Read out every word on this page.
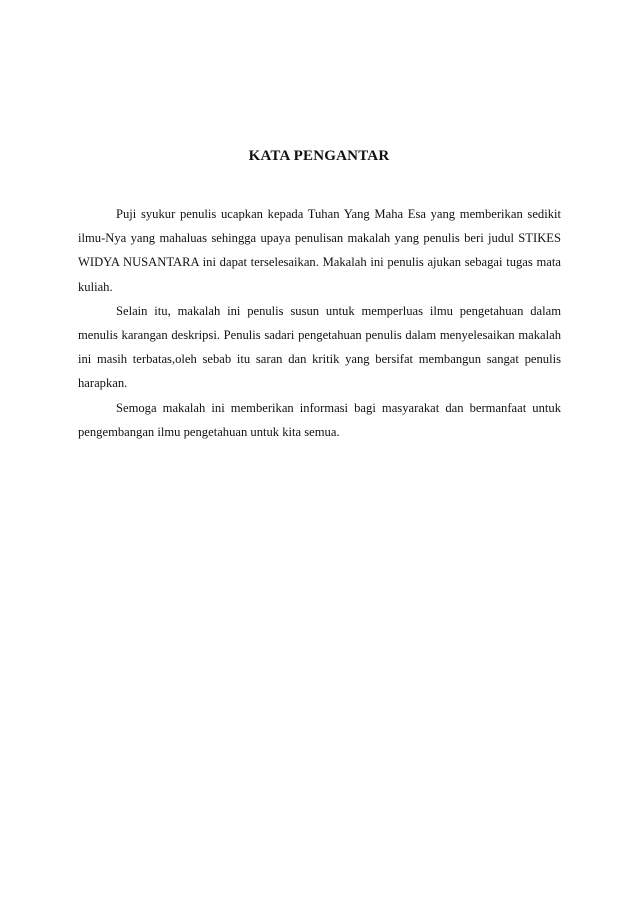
KATA PENGANTAR

Puji syukur penulis ucapkan kepada Tuhan Yang Maha Esa yang memberikan sedikit ilmu-Nya yang mahaluas sehingga upaya penulisan makalah yang penulis beri judul STIKES WIDYA NUSANTARA ini dapat terselesaikan. Makalah ini penulis ajukan sebagai tugas mata kuliah.

Selain itu, makalah ini penulis susun untuk memperluas ilmu pengetahuan dalam menulis karangan deskripsi. Penulis sadari pengetahuan penulis dalam menyelesaikan makalah ini masih terbatas,oleh sebab itu saran dan kritik yang bersifat membangun sangat penulis harapkan.

Semoga makalah ini memberikan informasi bagi masyarakat dan bermanfaat untuk pengembangan ilmu pengetahuan untuk kita semua.
